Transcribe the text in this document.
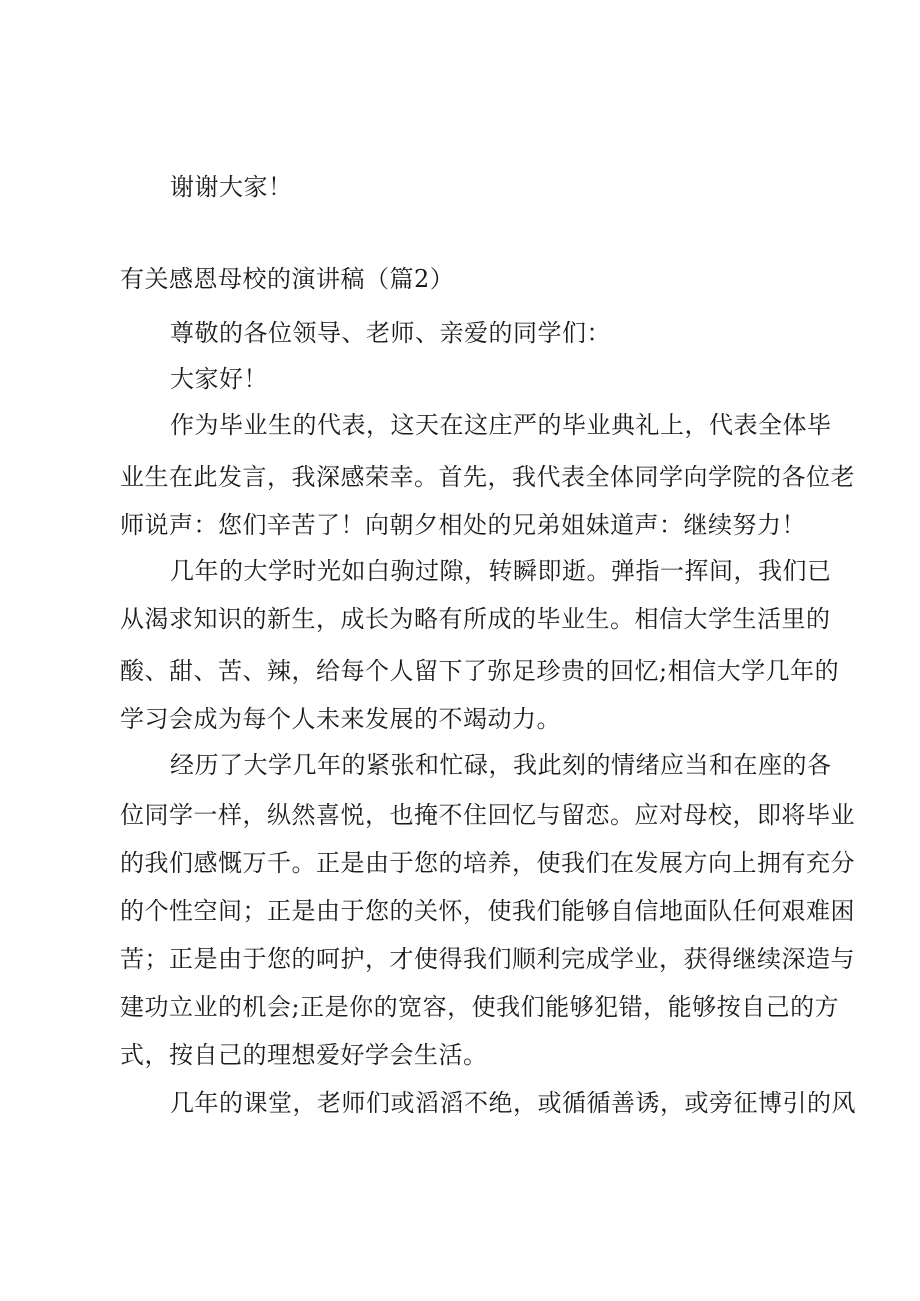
谢谢大家！
有关感恩母校的演讲稿（篇2）
尊敬的各位领导、老师、亲爱的同学们：
大家好！
作为毕业生的代表，这天在这庄严的毕业典礼上，代表全体毕
业生在此发言，我深感荣幸。首先，我代表全体同学向学院的各位老
师说声：您们辛苦了！向朝夕相处的兄弟姐妹道声：继续努力！
几年的大学时光如白驹过隙，转瞬即逝。弹指一挥间，我们已
从渴求知识的新生，成长为略有所成的毕业生。相信大学生活里的
酸、甜、苦、辣，给每个人留下了弥足珍贵的回忆;相信大学几年的
学习会成为每个人未来发展的不竭动力。
经历了大学几年的紧张和忙碌，我此刻的情绪应当和在座的各
位同学一样，纵然喜悦，也掩不住回忆与留恋。应对母校，即将毕业
的我们感慨万千。正是由于您的培养，使我们在发展方向上拥有充分
的个性空间；正是由于您的关怀，使我们能够自信地面队任何艰难困
苦；正是由于您的呵护，才使得我们顺利完成学业，获得继续深造与
建功立业的机会;正是你的宽容，使我们能够犯错，能够按自己的方
式，按自己的理想爱好学会生活。
几年的课堂，老师们或滔滔不绝，或循循善诱，或旁征博引的风
